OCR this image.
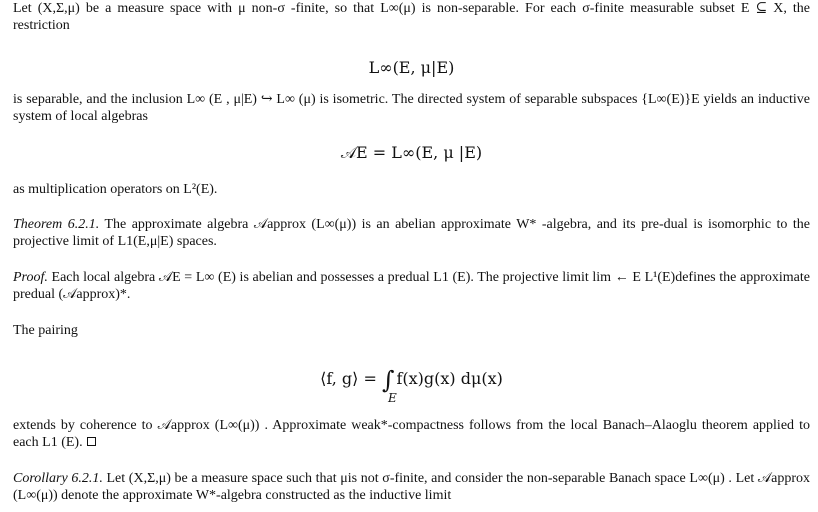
Let (X,Σ,μ) be a measure space with μ non-σ -finite, so that L∞(μ) is non-separable. For each σ-finite measurable subset E ⊆ X, the restriction
L∞(E, μ|E)
is separable, and the inclusion L∞ (E , μ|E) ↪ L∞ (μ) is isometric. The directed system of separable subspaces {L∞(E)}E yields an inductive system of local algebras
𝒜E = L∞(E, μ |E)
as multiplication operators on L²(E).
Theorem 6.2.1. The approximate algebra 𝒜approx (L∞(μ)) is an abelian approximate W* -algebra, and its pre-dual is isomorphic to the projective limit of L1(E,μ|E) spaces.
Proof. Each local algebra 𝒜E = L∞ (E) is abelian and possesses a predual L1 (E). The projective limit lim ← E L¹(E)defines the approximate predual (𝒜approx)*.
The pairing
⟨f, g⟩ = ∫
E
f(x)g(x) dμ(x)
extends by coherence to 𝒜approx (L∞(μ)) . Approximate weak*-compactness follows from the local Banach–Alaoglu theorem applied to each L1 (E).
Corollary 6.2.1. Let (X,Σ,μ) be a measure space such that μis not σ-finite, and consider the non-separable Banach space L∞(μ) . Let 𝒜approx (L∞(μ)) denote the approximate W*-algebra constructed as the inductive limit
